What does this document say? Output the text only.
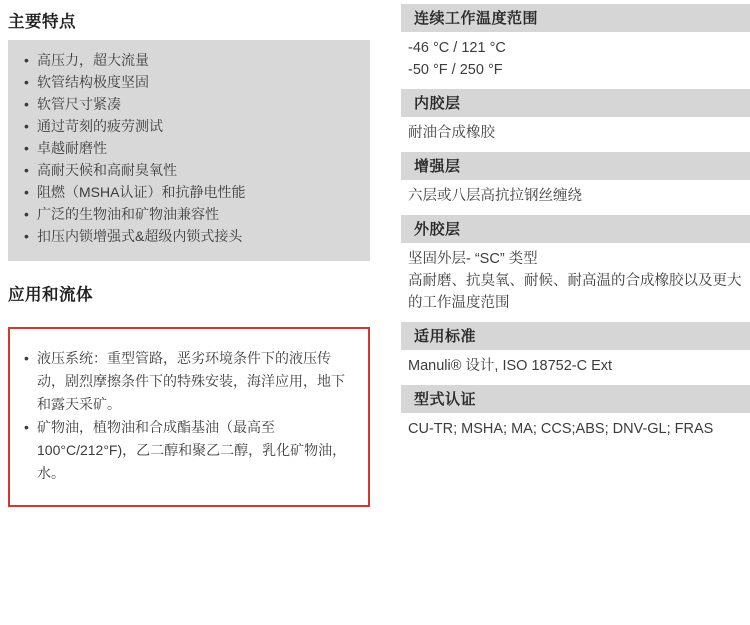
主要特点
• 高压力，超大流量
• 软管结构极度坚固
• 软管尺寸紧凑
• 通过苛刻的疲劳测试
• 卓越耐磨性
• 高耐天候和高耐臭氧性
• 阻燃（MSHA认证）和抗静电性能
• 广泛的生物油和矿物油兼容性
• 扣压内锁增强式&超级内锁式接头
应用和流体
• 液压系统：重型管路，恶劣环境条件下的液压传动，剧烈摩擦条件下的特殊安装，海洋应用，地下和露天采矿。
• 矿物油，植物油和合成酯基油（最高至100°C/212°F)，乙二醇和聚乙二醇，乳化矿物油，水。
连续工作温度范围
-46 °C / 121 °C
-50 °F / 250 °F
内胶层
耐油合成橡胶
增强层
六层或八层高抗拉钢丝缠绕
外胶层
坚固外层- “SC” 类型
高耐磨、抗臭氧、耐候、耐高温的合成橡胶以及更大的工作温度范围
适用标准
Manuli® 设计, ISO 18752-C Ext
型式认证
CU-TR; MSHA; MA; CCS;ABS; DNV-GL; FRAS
